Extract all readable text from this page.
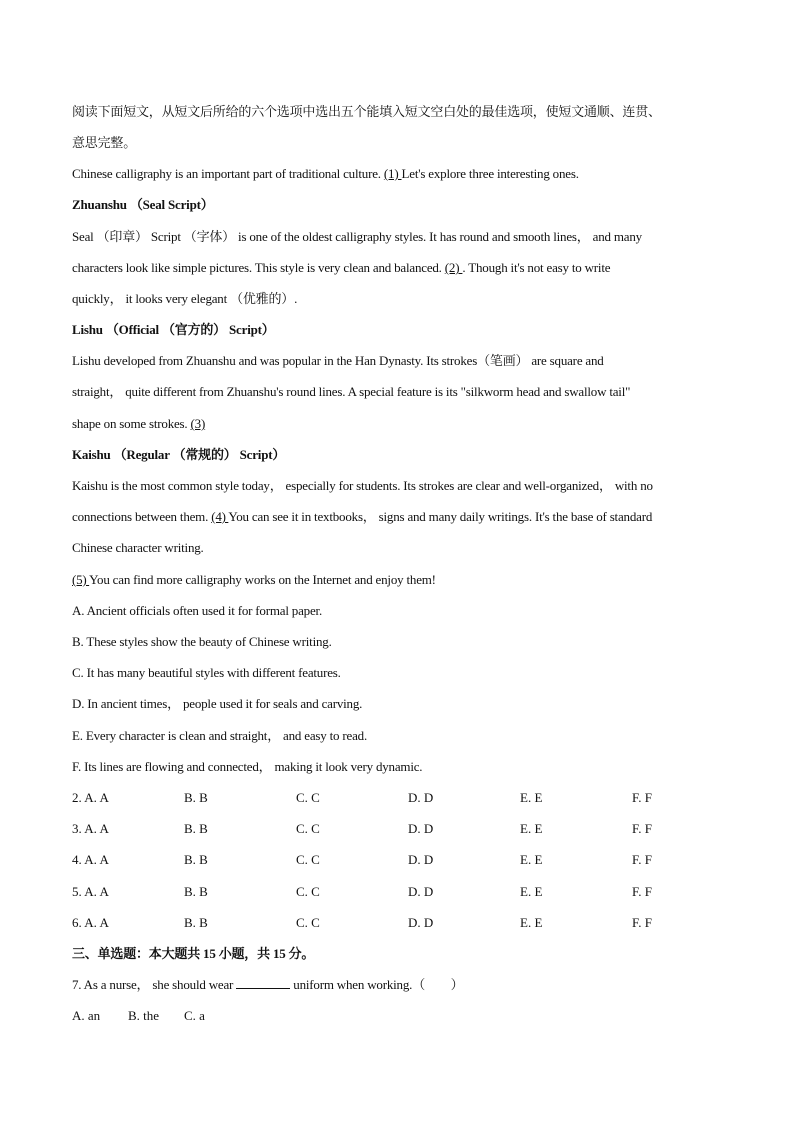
阅读下面短文，从短文后所给的六个选项中选出五个能填入短文空白处的最佳选项，使短文通顺、连贯、
意思完整。
Chinese calligraphy is an important part of traditional culture. (1) Let's explore three interesting ones.
Zhuanshu （Seal Script）
Seal （印章） Script （字体） is one of the oldest calligraphy styles. It has round and smooth lines， and many
characters look like simple pictures. This style is very clean and balanced. (2) . Though it's not easy to write
quickly， it looks very elegant （优雅的）.
Lishu （Official （官方的） Script）
Lishu developed from Zhuanshu and was popular in the Han Dynasty. Its strokes（笔画） are square and
straight， quite different from Zhuanshu's round lines. A special feature is its "silkworm head and swallow tail"
shape on some strokes. (3)
Kaishu （Regular （常规的） Script）
Kaishu is the most common style today， especially for students. Its strokes are clear and well-organized， with no
connections between them. (4) You can see it in textbooks， signs and many daily writings. It's the base of standard
Chinese character writing.
(5) You can find more calligraphy works on the Internet and enjoy them!
A. Ancient officials often used it for formal paper.
B. These styles show the beauty of Chinese writing.
C. It has many beautiful styles with different features.
D. In ancient times， people used it for seals and carving.
E. Every character is clean and straight， and easy to read.
F. Its lines are flowing and connected， making it look very dynamic.
2. A. A	B. B	C. C	D. D	E. E	F. F
3. A. A	B. B	C. C	D. D	E. E	F. F
4. A. A	B. B	C. C	D. D	E. E	F. F
5. A. A	B. B	C. C	D. D	E. E	F. F
6. A. A	B. B	C. C	D. D	E. E	F. F
三、单选题：本大题共 15 小题，共 15 分。
7. As a nurse， she should wear	uniform when working.（　　）
A. an B. the C. a
